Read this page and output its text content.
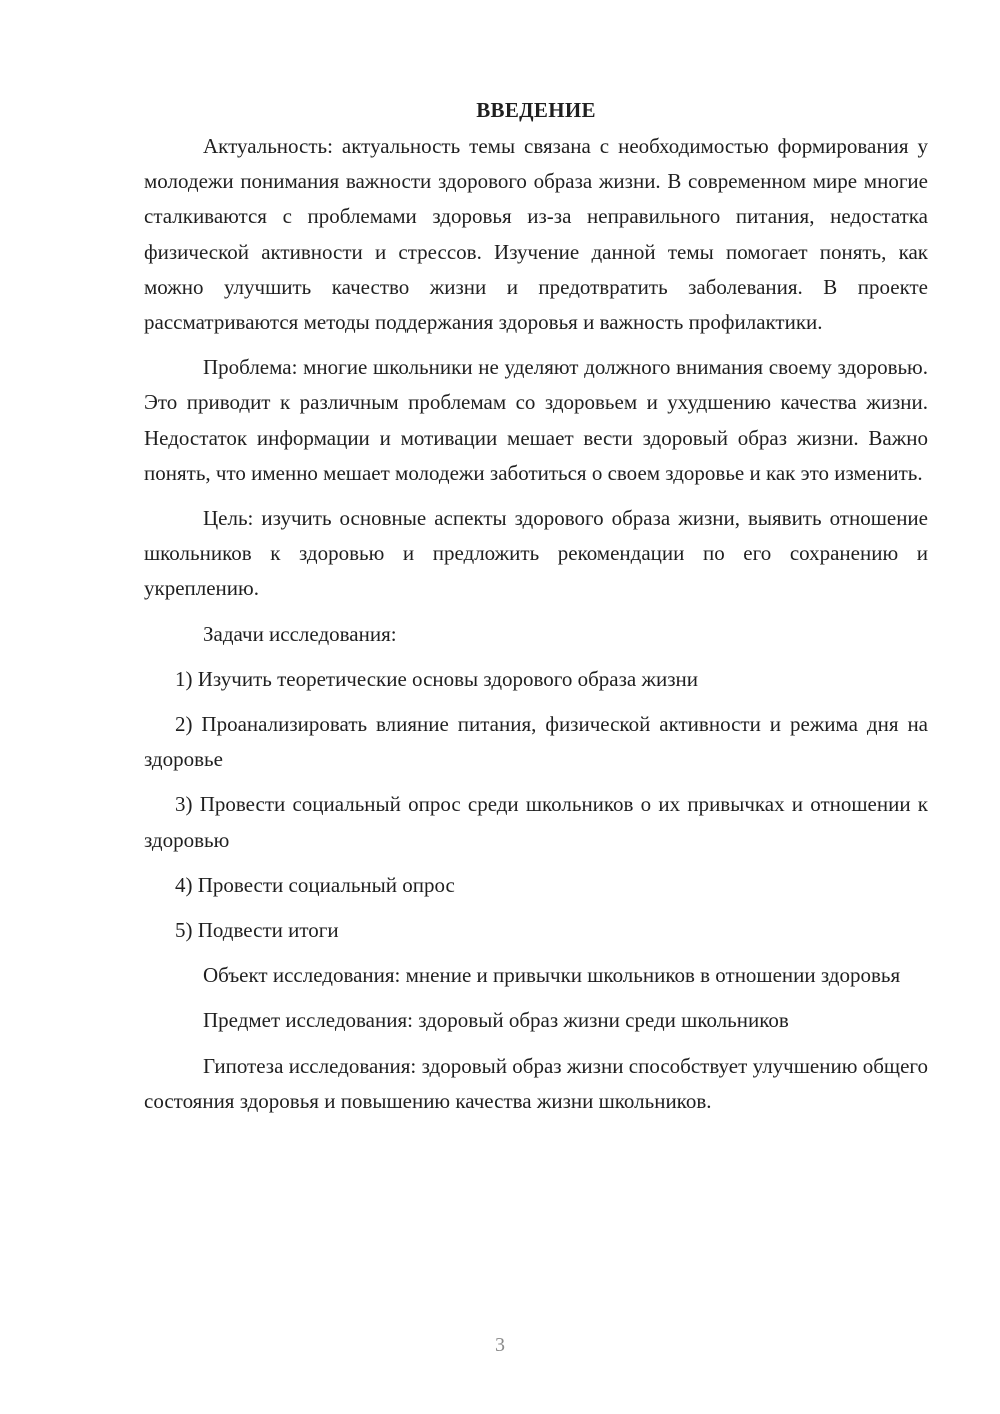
ВВЕДЕНИЕ

Актуальность: актуальность темы связана с необходимостью формирования у молодежи понимания важности здорового образа жизни. В современном мире многие сталкиваются с проблемами здоровья из-за неправильного питания, недостатка физической активности и стрессов. Изучение данной темы помогает понять, как можно улучшить качество жизни и предотвратить заболевания. В проекте рассматриваются методы поддержания здоровья и важность профилактики.

Проблема: многие школьники не уделяют должного внимания своему здоровью. Это приводит к различным проблемам со здоровьем и ухудшению качества жизни. Недостаток информации и мотивации мешает вести здоровый образ жизни. Важно понять, что именно мешает молодежи заботиться о своем здоровье и как это изменить.

Цель: изучить основные аспекты здорового образа жизни, выявить отношение школьников к здоровью и предложить рекомендации по его сохранению и укреплению.

Задачи исследования:

1) Изучить теоретические основы здорового образа жизни

2) Проанализировать влияние питания, физической активности и режима дня на здоровье

3) Провести социальный опрос среди школьников о их привычках и отношении к здоровью

4) Провести социальный опрос

5) Подвести итоги

Объект исследования: мнение и привычки школьников в отношении здоровья

Предмет исследования: здоровый образ жизни среди школьников

Гипотеза исследования: здоровый образ жизни способствует улучшению общего состояния здоровья и повышению качества жизни школьников.

3
